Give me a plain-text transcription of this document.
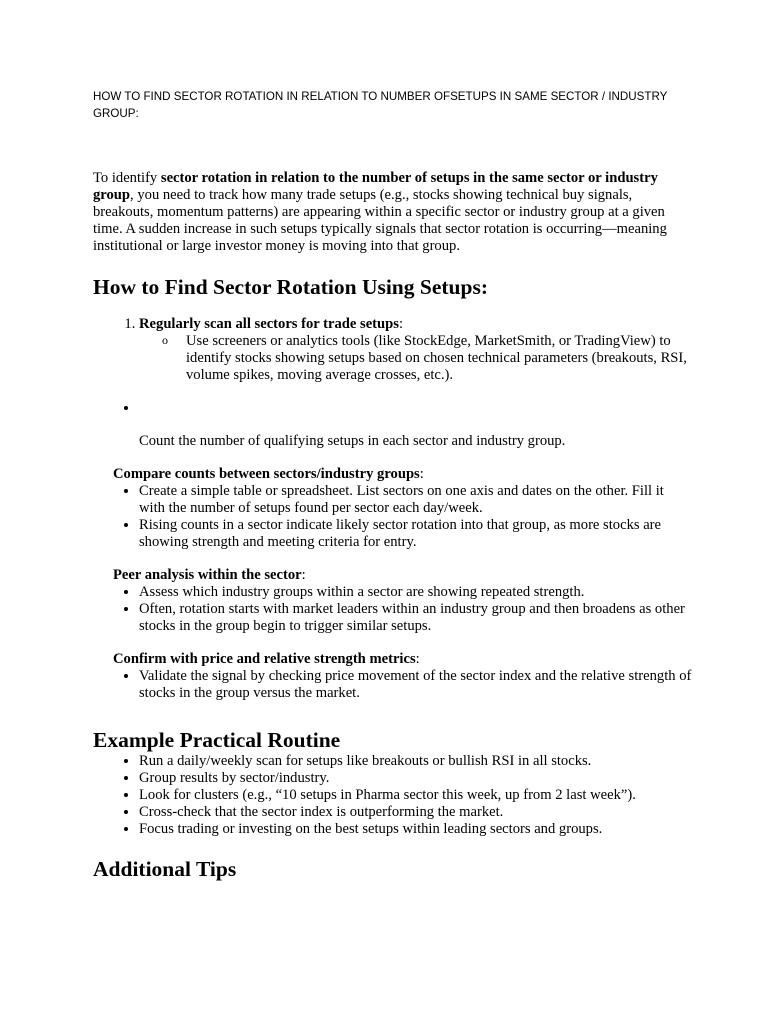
HOW TO FIND SECTOR ROTATION IN RELATION TO NUMBER OFSETUPS IN SAME SECTOR / INDUSTRY GROUP:

To identify sector rotation in relation to the number of setups in the same sector or industry group, you need to track how many trade setups (e.g., stocks showing technical buy signals, breakouts, momentum patterns) are appearing within a specific sector or industry group at a given time. A sudden increase in such setups typically signals that sector rotation is occurring—meaning institutional or large investor money is moving into that group.

How to Find Sector Rotation Using Setups:
1. Regularly scan all sectors for trade setups:
o Use screeners or analytics tools (like StockEdge, MarketSmith, or TradingView) to identify stocks showing setups based on chosen technical parameters (breakouts, RSI, volume spikes, moving average crosses, etc.).
•

Count the number of qualifying setups in each sector and industry group.

Compare counts between sectors/industry groups:

• Create a simple table or spreadsheet. List sectors on one axis and dates on the other. Fill it with the number of setups found per sector each day/week.
• Rising counts in a sector indicate likely sector rotation into that group, as more stocks are showing strength and meeting criteria for entry.

Peer analysis within the sector:

• Assess which industry groups within a sector are showing repeated strength.
• Often, rotation starts with market leaders within an industry group and then broadens as other stocks in the group begin to trigger similar setups.

Confirm with price and relative strength metrics:

• Validate the signal by checking price movement of the sector index and the relative strength of stocks in the group versus the market.
Example Practical Routine
• Run a daily/weekly scan for setups like breakouts or bullish RSI in all stocks.
• Group results by sector/industry.
• Look for clusters (e.g., “10 setups in Pharma sector this week, up from 2 last week”).
• Cross-check that the sector index is outperforming the market.
• Focus trading or investing on the best setups within leading sectors and groups.
Additional Tips
